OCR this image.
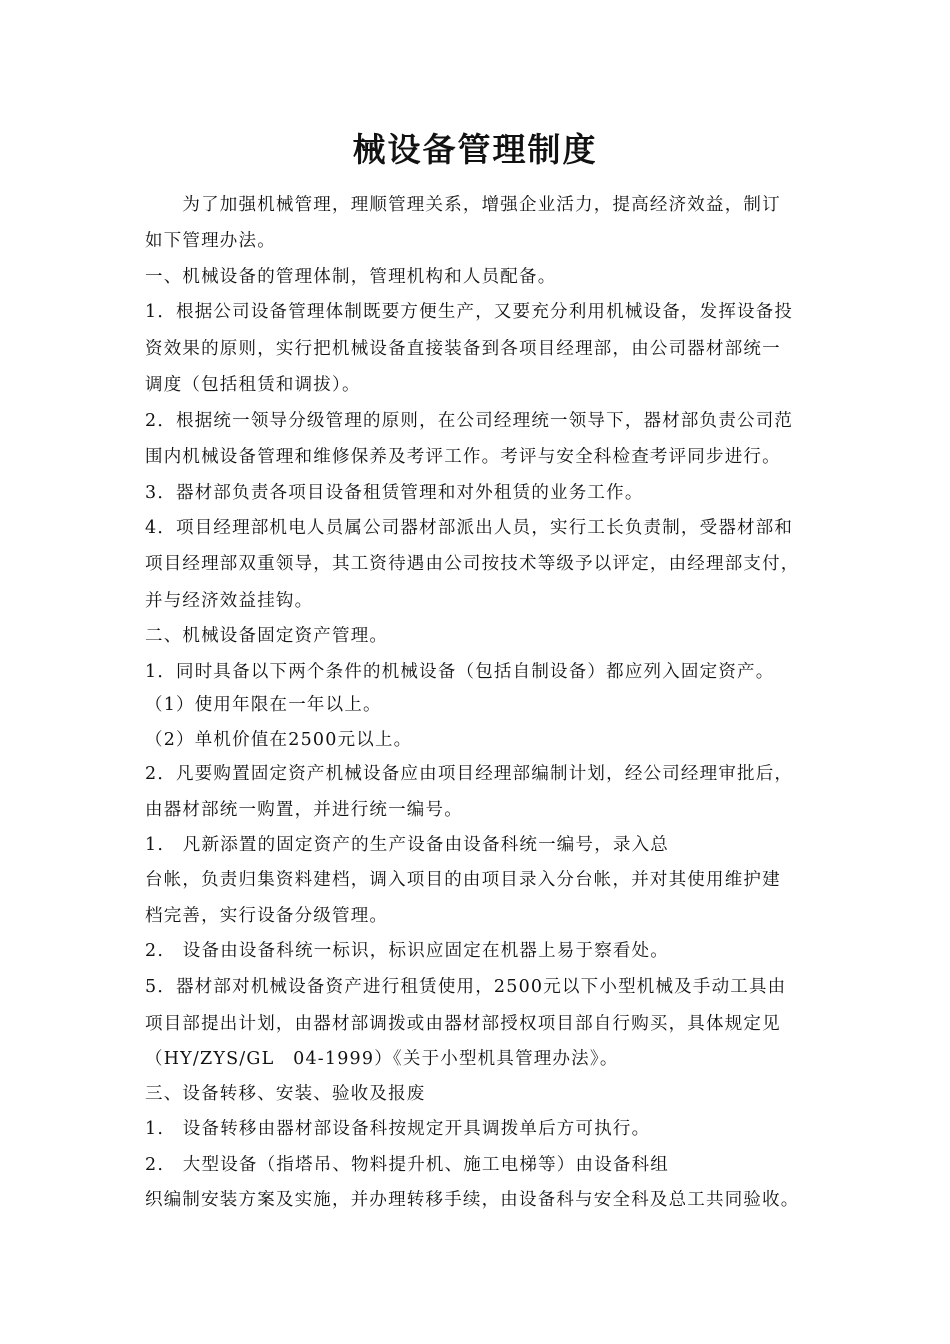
械设备管理制度
　　为了加强机械管理，理顺管理关系，增强企业活力，提高经济效益，制订
如下管理办法。
一、机械设备的管理体制，管理机构和人员配备。
1．根据公司设备管理体制既要方便生产，又要充分利用机械设备，发挥设备投
资效果的原则，实行把机械设备直接装备到各项目经理部，由公司器材部统一
调度（包括租赁和调拔）。
2．根据统一领导分级管理的原则，在公司经理统一领导下，器材部负责公司范
围内机械设备管理和维修保养及考评工作。考评与安全科检查考评同步进行。
3．器材部负责各项目设备租赁管理和对外租赁的业务工作。
4．项目经理部机电人员属公司器材部派出人员，实行工长负责制，受器材部和
项目经理部双重领导，其工资待遇由公司按技术等级予以评定，由经理部支付，
并与经济效益挂钩。
二、机械设备固定资产管理。
1．同时具备以下两个条件的机械设备（包括自制设备）都应列入固定资产。
（1）使用年限在一年以上。
（2）单机价值在2500元以上。
2．凡要购置固定资产机械设备应由项目经理部编制计划，经公司经理审批后，
由器材部统一购置，并进行统一编号。
1.　凡新添置的固定资产的生产设备由设备科统一编号，录入总
台帐，负责归集资料建档，调入项目的由项目录入分台帐，并对其使用维护建
档完善，实行设备分级管理。
2.　设备由设备科统一标识，标识应固定在机器上易于察看处。
5．器材部对机械设备资产进行租赁使用，2500元以下小型机械及手动工具由
项目部提出计划，由器材部调拨或由器材部授权项目部自行购买，具体规定见
（HY/ZYS/GL　04-1999）《关于小型机具管理办法》。
三、设备转移、安装、验收及报废
1.　设备转移由器材部设备科按规定开具调拨单后方可执行。
2.　大型设备（指塔吊、物料提升机、施工电梯等）由设备科组
织编制安装方案及实施，并办理转移手续，由设备科与安全科及总工共同验收。
